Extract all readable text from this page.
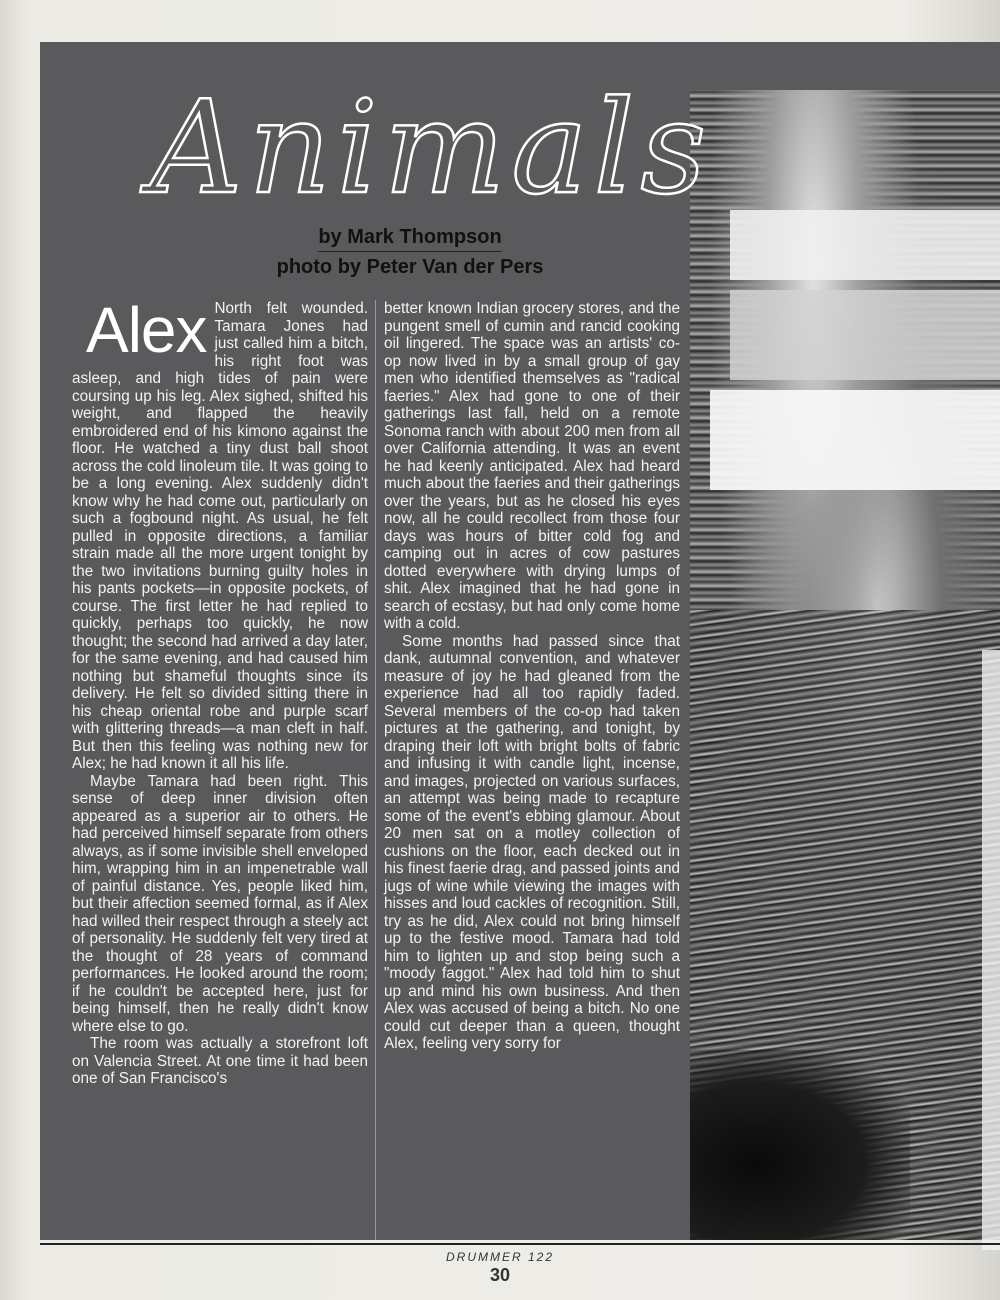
Animals
by Mark Thompson
photo by Peter Van der Pers

Alex North felt wounded. Tamara Jones had just called him a bitch, his right foot was asleep, and high tides of pain were coursing up his leg. Alex sighed, shifted his weight, and flapped the heavily embroidered end of his kimono against the floor. He watched a tiny dust ball shoot across the cold linoleum tile. It was going to be a long evening. Alex suddenly didn't know why he had come out, particularly on such a fogbound night. As usual, he felt pulled in opposite directions, a familiar strain made all the more urgent tonight by the two invitations burning guilty holes in his pants pockets—in opposite pockets, of course. The first letter he had replied to quickly, perhaps too quickly, he now thought; the second had arrived a day later, for the same evening, and had caused him nothing but shameful thoughts since its delivery. He felt so divided sitting there in his cheap oriental robe and purple scarf with glittering threads—a man cleft in half. But then this feeling was nothing new for Alex; he had known it all his life.

Maybe Tamara had been right. This sense of deep inner division often appeared as a superior air to others. He had perceived himself separate from others always, as if some invisible shell enveloped him, wrapping him in an impenetrable wall of painful distance. Yes, people liked him, but their affection seemed formal, as if Alex had willed their respect through a steely act of personality. He suddenly felt very tired at the thought of 28 years of command performances. He looked around the room; if he couldn't be accepted here, just for being himself, then he really didn't know where else to go.

The room was actually a storefront loft on Valencia Street. At one time it had been one of San Francisco's

better known Indian grocery stores, and the pungent smell of cumin and rancid cooking oil lingered. The space was an artists' co-op now lived in by a small group of gay men who identified themselves as "radical faeries." Alex had gone to one of their gatherings last fall, held on a remote Sonoma ranch with about 200 men from all over California attending. It was an event he had keenly anticipated. Alex had heard much about the faeries and their gatherings over the years, but as he closed his eyes now, all he could recollect from those four days was hours of bitter cold fog and camping out in acres of cow pastures dotted everywhere with drying lumps of shit. Alex imagined that he had gone in search of ecstasy, but had only come home with a cold.

Some months had passed since that dank, autumnal convention, and whatever measure of joy he had gleaned from the experience had all too rapidly faded. Several members of the co-op had taken pictures at the gathering, and tonight, by draping their loft with bright bolts of fabric and infusing it with candle light, incense, and images, projected on various surfaces, an attempt was being made to recapture some of the event's ebbing glamour. About 20 men sat on a motley collection of cushions on the floor, each decked out in his finest faerie drag, and passed joints and jugs of wine while viewing the images with hisses and loud cackles of recognition. Still, try as he did, Alex could not bring himself up to the festive mood. Tamara had told him to lighten up and stop being such a "moody faggot." Alex had told him to shut up and mind his own business. And then Alex was accused of being a bitch. No one could cut deeper than a queen, thought Alex, feeling very sorry for

DRUMMER 122
30
